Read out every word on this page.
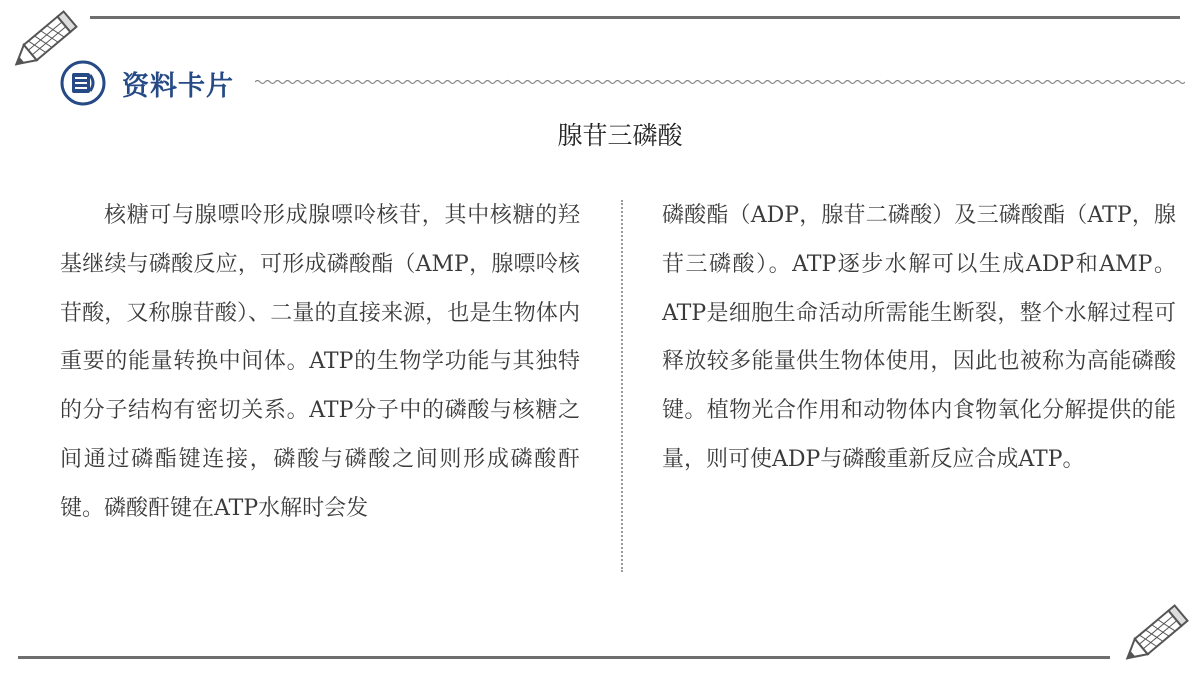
资料卡片
腺苷三磷酸

核糖可与腺嘌呤形成腺嘌呤核苷，其中核糖的羟基继续与磷酸反应，可形成磷酸酯（AMP，腺嘌呤核苷酸，又称腺苷酸）、二量的直接来源，也是生物体内重要的能量转换中间体。ATP的生物学功能与其独特的分子结构有密切关系。ATP分子中的磷酸与核糖之间通过磷酯键连接，磷酸与磷酸之间则形成磷酸酐键。磷酸酐键在ATP水解时会发

磷酸酯（ADP，腺苷二磷酸）及三磷酸酯（ATP，腺苷三磷酸）。ATP逐步水解可以生成ADP和AMP。ATP是细胞生命活动所需能生断裂，整个水解过程可释放较多能量供生物体使用，因此也被称为高能磷酸键。植物光合作用和动物体内食物氧化分解提供的能量，则可使ADP与磷酸重新反应合成ATP。
